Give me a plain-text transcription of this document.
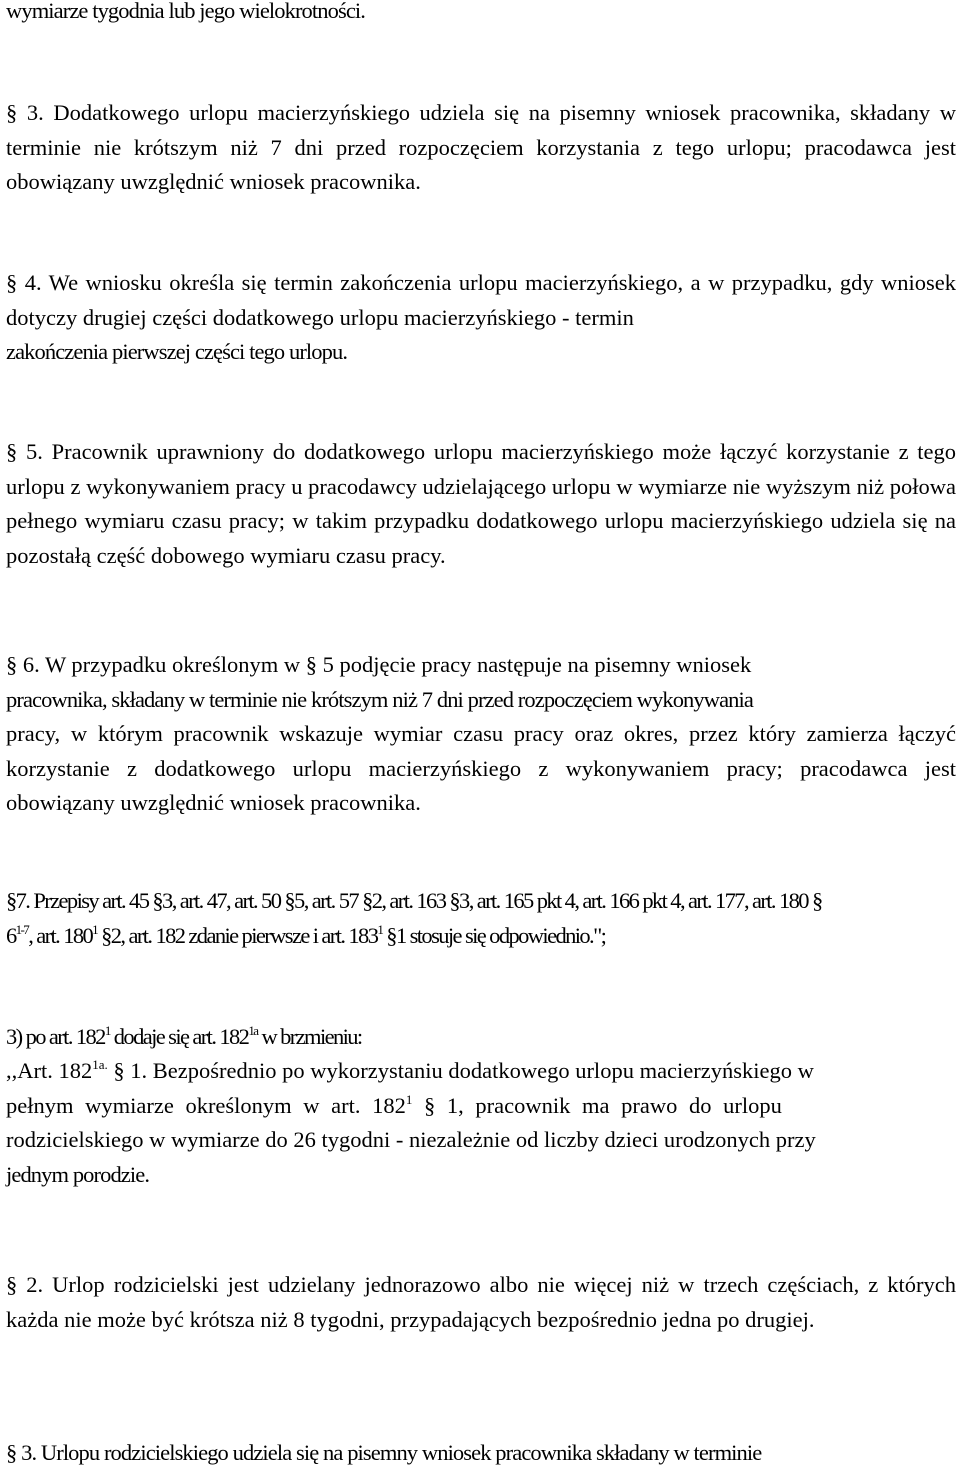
wymiarze tygodnia lub jego wielokrotności.

§ 3. Dodatkowego urlopu macierzyńskiego udziela się na pisemny wniosek pracownika, składany w terminie nie krótszym niż 7 dni przed rozpoczęciem korzystania z tego urlopu; pracodawca jest obowiązany uwzględnić wniosek pracownika.

§ 4. We wniosku określa się termin zakończenia urlopu macierzyńskiego, a w przypadku, gdy wniosek dotyczy drugiej części dodatkowego urlopu macierzyńskiego - termin
zakończenia pierwszej części tego urlopu.

§ 5. Pracownik uprawniony do dodatkowego urlopu macierzyńskiego może łączyć korzystanie z tego urlopu z wykonywaniem pracy u pracodawcy udzielającego urlopu w wymiarze nie wyższym niż połowa pełnego wymiaru czasu pracy; w takim przypadku dodatkowego urlopu macierzyńskiego udziela się na pozostałą część dobowego wymiaru czasu pracy.

§ 6. W przypadku określonym w § 5 podjęcie pracy następuje na pisemny wniosek
pracownika, składany w terminie nie krótszym niż 7 dni przed rozpoczęciem wykonywania
pracy, w którym pracownik wskazuje wymiar czasu pracy oraz okres, przez który zamierza łączyć korzystanie z dodatkowego urlopu macierzyńskiego z wykonywaniem pracy; pracodawca jest obowiązany uwzględnić wniosek pracownika.

§7. Przepisy art. 45 §3, art. 47, art. 50 §5, art. 57 §2, art. 163 §3, art. 165 pkt 4, art. 166 pkt 4, art. 177, art. 180 §
6$^{1-7}$, art. $180^1$ §2, art. 182 zdanie pierwsze i art. $183^1$ §1 stosuje się odpowiednio.";

3) po art. $182^1$ dodaje się art. $182^{1a}$ w brzmieniu:

,,Art. $182^{1a.}$ § 1. Bezpośrednio po wykorzystaniu dodatkowego urlopu macierzyńskiego w
pełnym wymiarze określonym w art. $182^1$ § 1, pracownik ma prawo do urlopu
rodzicielskiego w wymiarze do 26 tygodni - niezależnie od liczby dzieci urodzonych przy
jednym porodzie.

§ 2. Urlop rodzicielski jest udzielany jednorazowo albo nie więcej niż w trzech częściach, z których każda nie może być krótsza niż 8 tygodni, przypadających bezpośrednio jedna po drugiej.

§ 3. Urlopu rodzicielskiego udziela się na pisemny wniosek pracownika składany w terminie
